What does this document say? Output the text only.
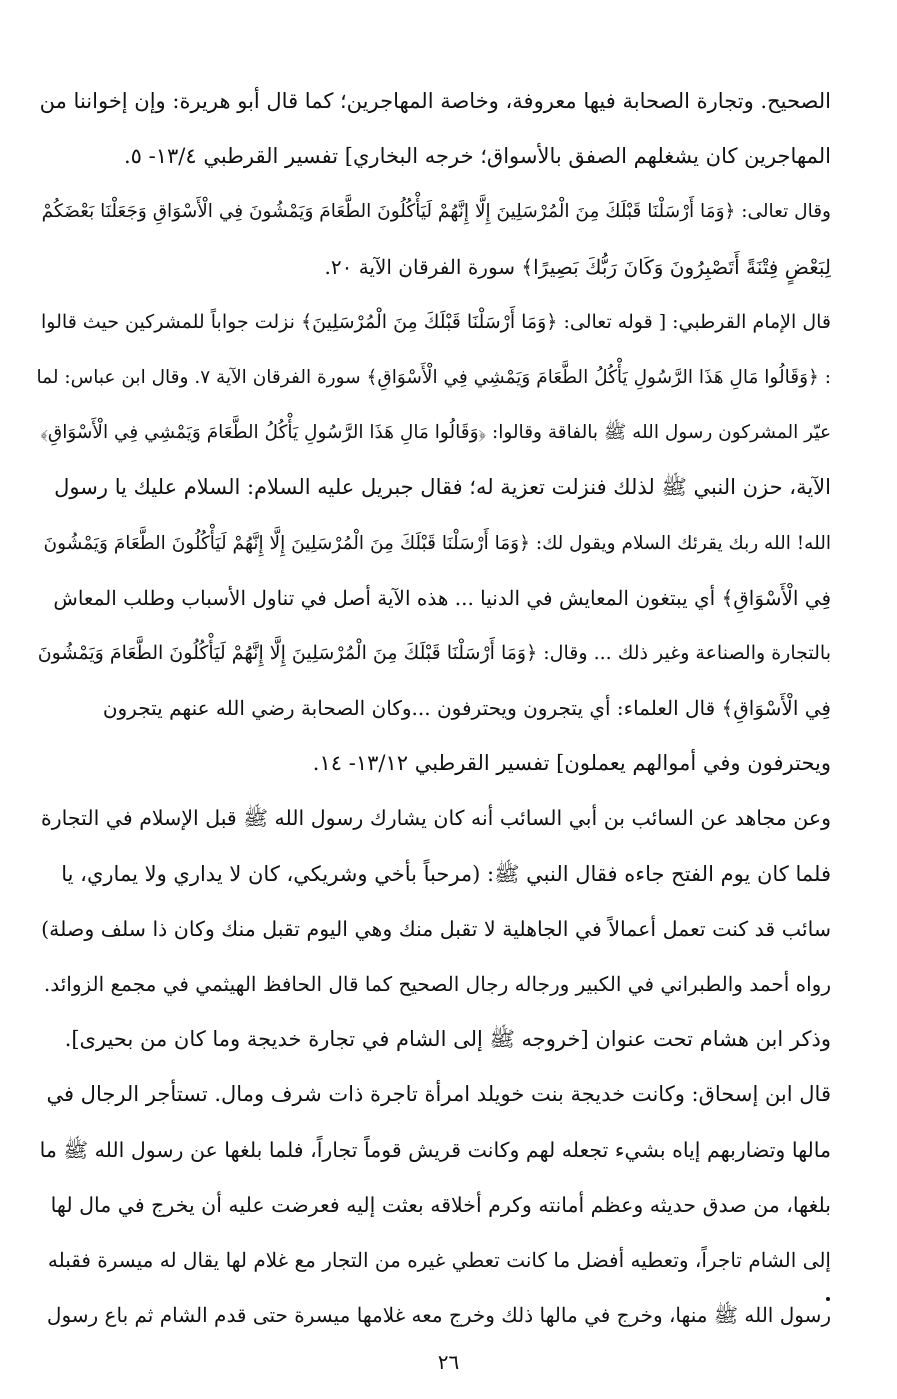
الصحيح. وتجارة الصحابة فيها معروفة، وخاصة المهاجرين؛ كما قال أبو هريرة: وإن إخواننا من
المهاجرين كان يشغلهم الصفق بالأسواق؛ خرجه البخاري] تفسير القرطبي ١٣/٤- ٥.
وقال تعالى: ﴿وَمَا أَرْسَلْنَا قَبْلَكَ مِنَ الْمُرْسَلِينَ إِلَّا إِنَّهُمْ لَيَأْكُلُونَ الطَّعَامَ وَيَمْشُونَ فِي الْأَسْوَاقِ وَجَعَلْنَا بَعْضَكُمْ
لِبَعْضٍ فِتْنَةً أَتَصْبِرُونَ وَكَانَ رَبُّكَ بَصِيرًا﴾ سورة الفرقان الآية ٢٠.
قال الإمام القرطبي: [ قوله تعالى: ﴿وَمَا أَرْسَلْنَا قَبْلَكَ مِنَ الْمُرْسَلِينَ﴾ نزلت جواباً للمشركين حيث قالوا
: ﴿وَقَالُوا مَالِ هَذَا الرَّسُولِ يَأْكُلُ الطَّعَامَ وَيَمْشِي فِي الْأَسْوَاقِ﴾ سورة الفرقان الآية ٧. وقال ابن عباس: لما
عيّر المشركون رسول الله ﷺ بالفاقة وقالوا: ﴿وَقَالُوا مَالِ هَذَا الرَّسُولِ يَأْكُلُ الطَّعَامَ وَيَمْشِي فِي الْأَسْوَاقِ﴾
الآية، حزن النبي ﷺ لذلك فنزلت تعزية له؛ فقال جبريل عليه السلام: السلام عليك يا رسول
الله! الله ربك يقرئك السلام ويقول لك: ﴿وَمَا أَرْسَلْنَا قَبْلَكَ مِنَ الْمُرْسَلِينَ إِلَّا إِنَّهُمْ لَيَأْكُلُونَ الطَّعَامَ وَيَمْشُونَ
فِي الْأَسْوَاقِ﴾ أي يبتغون المعايش في الدنيا ... هذه الآية أصل في تناول الأسباب وطلب المعاش
بالتجارة والصناعة وغير ذلك ... وقال: ﴿وَمَا أَرْسَلْنَا قَبْلَكَ مِنَ الْمُرْسَلِينَ إِلَّا إِنَّهُمْ لَيَأْكُلُونَ الطَّعَامَ وَيَمْشُونَ
فِي الْأَسْوَاقِ﴾ قال العلماء: أي يتجرون ويحترفون ...وكان الصحابة رضي الله عنهم يتجرون
ويحترفون وفي أموالهم يعملون] تفسير القرطبي ١٣/١٢- ١٤.
وعن مجاهد عن السائب بن أبي السائب أنه كان يشارك رسول الله ﷺ قبل الإسلام في التجارة
فلما كان يوم الفتح جاءه فقال النبي ﷺ: (مرحباً بأخي وشريكي، كان لا يداري ولا يماري، يا
سائب قد كنت تعمل أعمالاً في الجاهلية لا تقبل منك وهي اليوم تقبل منك وكان ذا سلف وصلة)
رواه أحمد والطبراني في الكبير ورجاله رجال الصحيح كما قال الحافظ الهيثمي في مجمع الزوائد.
وذكر ابن هشام تحت عنوان [خروجه ﷺ إلى الشام في تجارة خديجة وما كان من بحيرى].
قال ابن إسحاق: وكانت خديجة بنت خويلد امرأة تاجرة ذات شرف ومال. تستأجر الرجال في
مالها وتضاربهم إياه بشيء تجعله لهم وكانت قريش قوماً تجاراً، فلما بلغها عن رسول الله ﷺ ما
بلغها، من صدق حديثه وعظم أمانته وكرم أخلاقه بعثت إليه فعرضت عليه أن يخرج في مال لها
إلى الشام تاجراً، وتعطيه أفضل ما كانت تعطي غيره من التجار مع غلام لها يقال له ميسرة فقبله
رسول الله ﷺ منها، وخرج في مالها ذلك وخرج معه غلامها ميسرة حتى قدم الشام ثم باع رسول
٢٦
